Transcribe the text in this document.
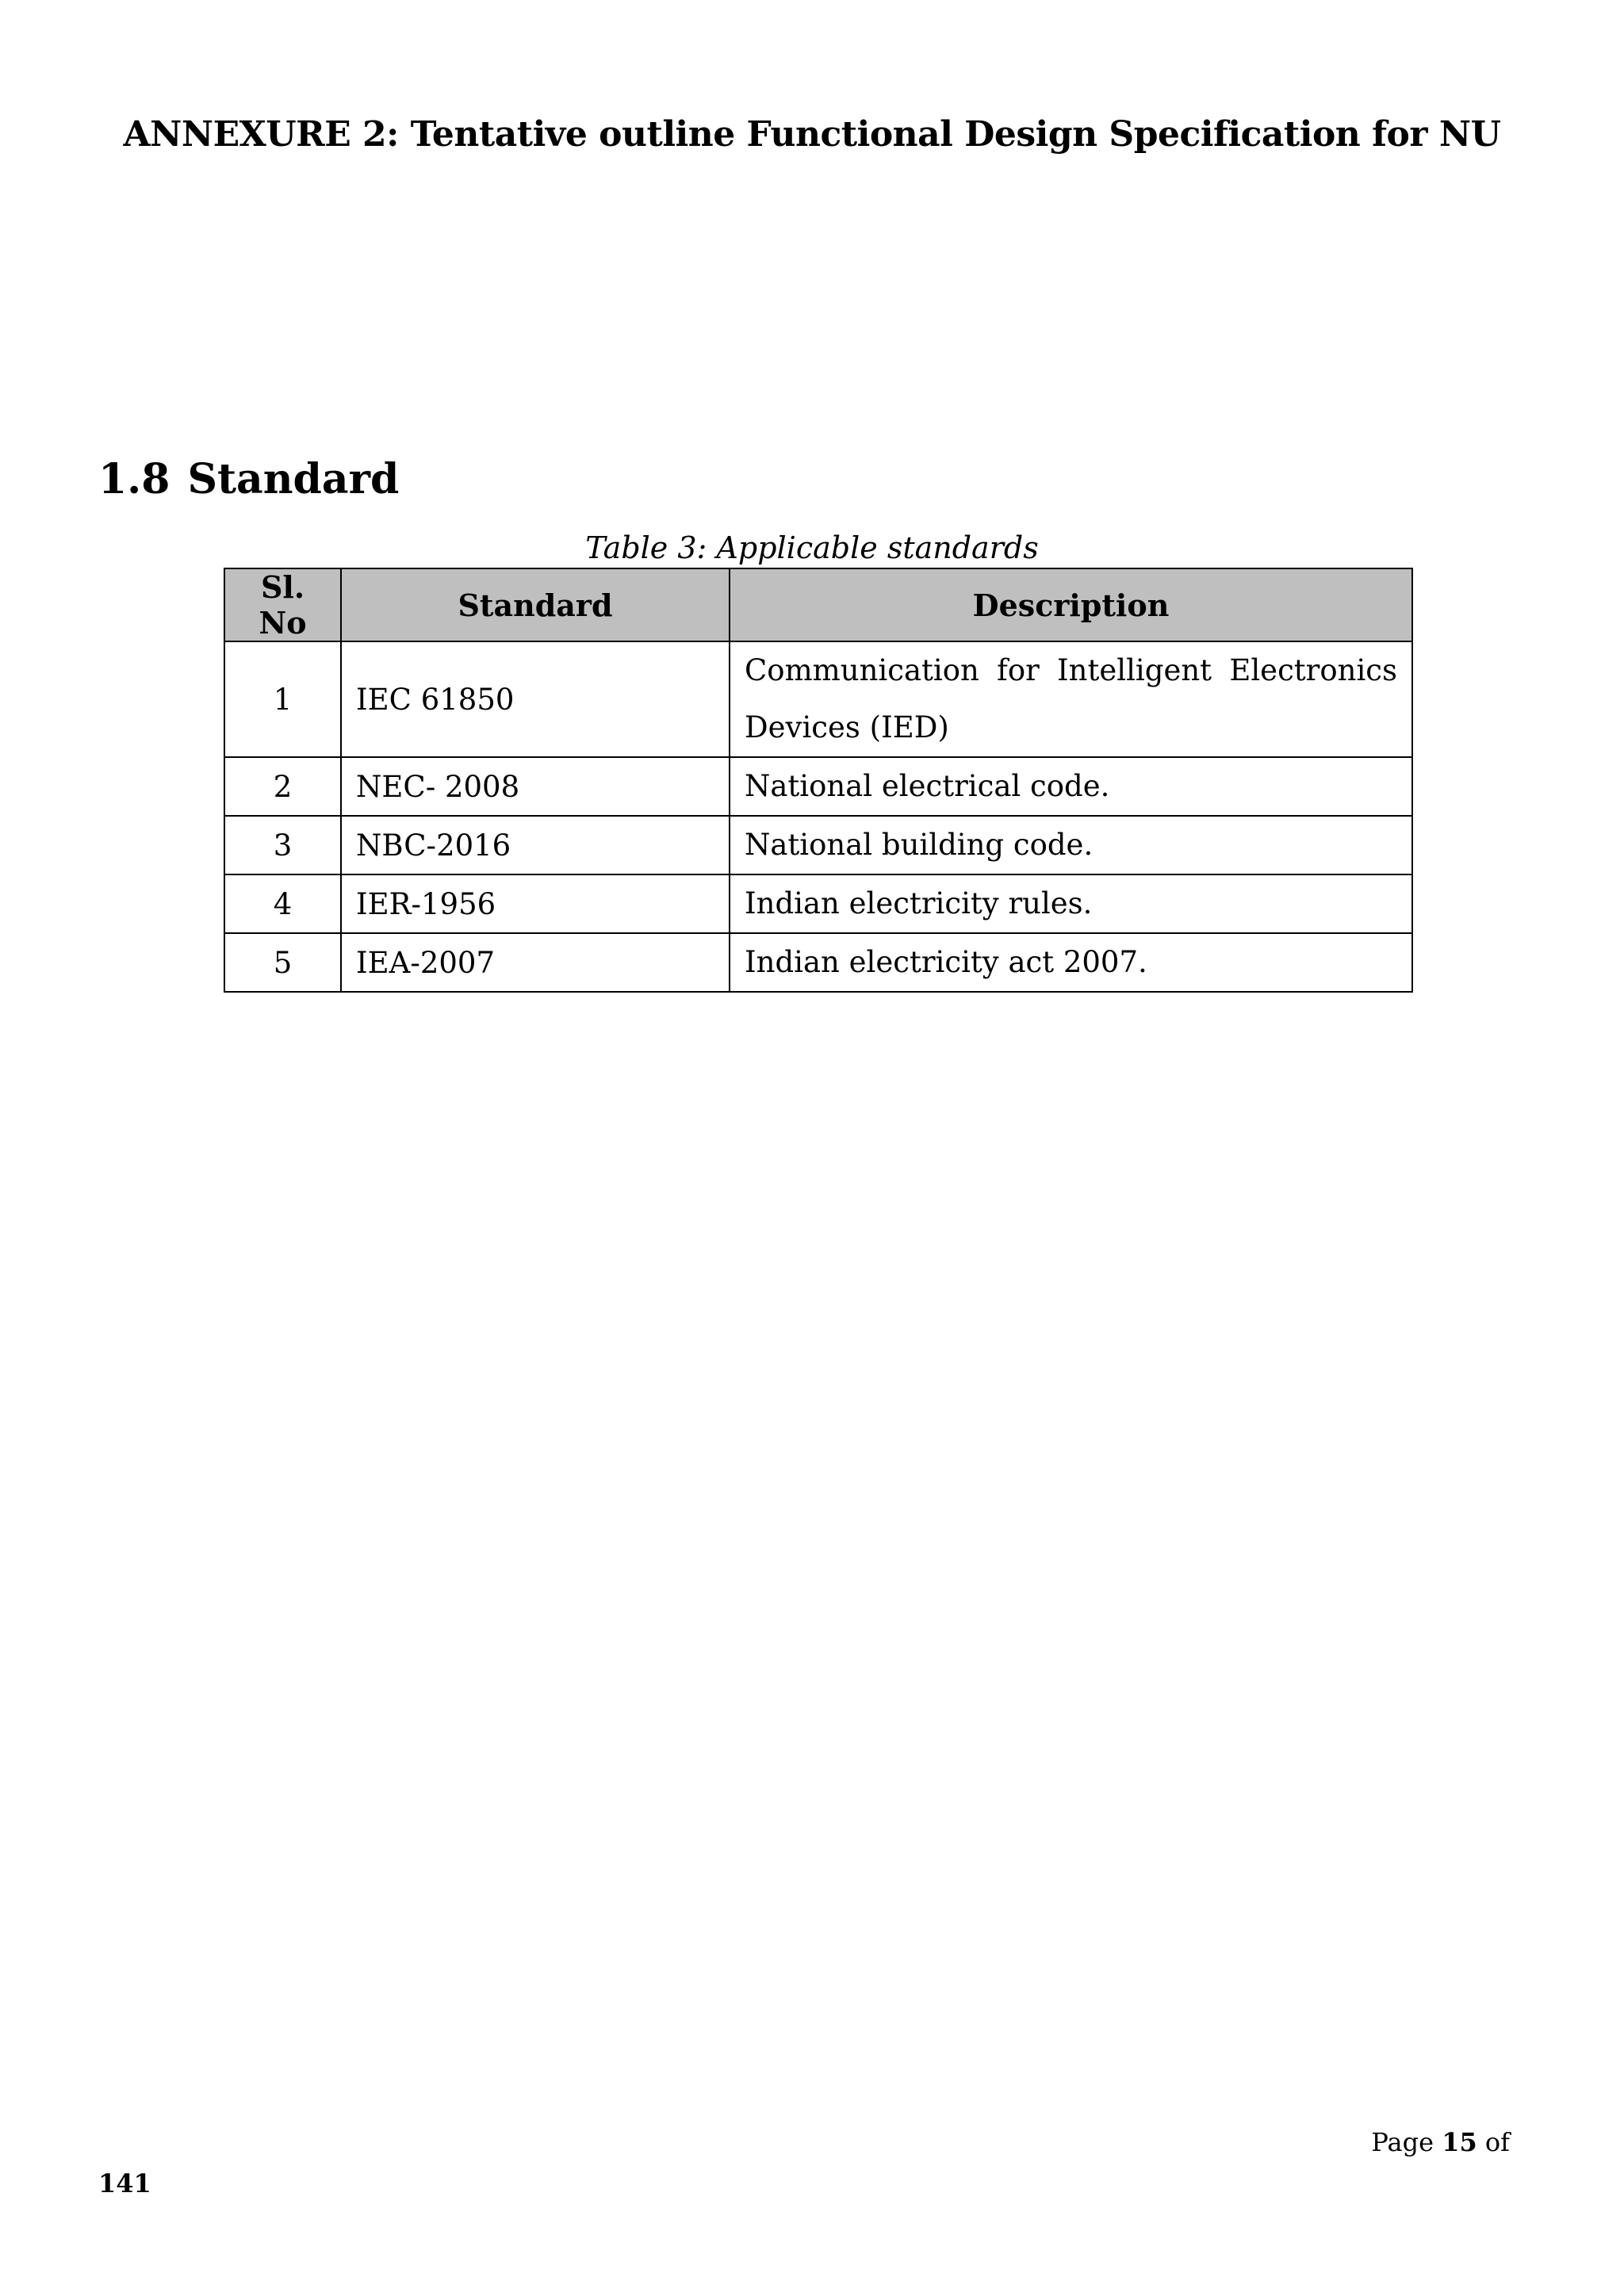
ANNEXURE 2: Tentative outline Functional Design Specification for NU
1.8 Standard
Table 3: Applicable standards
Sl. No	Standard	Description
1	IEC 61850	Communication for Intelligent Electronics Devices (IED)
2	NEC- 2008	National electrical code.
3	NBC-2016	National building code.
4	IER-1956	Indian electricity rules.
5	IEA-2007	Indian electricity act 2007.
Page 15 of
141
